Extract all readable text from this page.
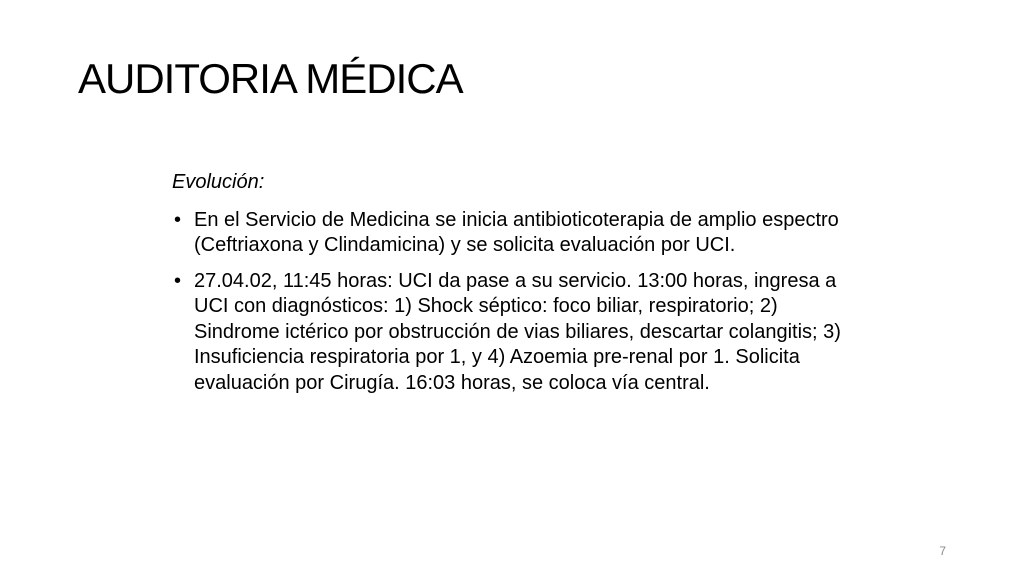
AUDITORIA MÉDICA

Evolución:

• En el Servicio de Medicina se inicia antibioticoterapia de amplio espectro (Ceftriaxona y Clindamicina) y se solicita evaluación por UCI.
• 27.04.02, 11:45 horas: UCI da pase a su servicio. 13:00 horas, ingresa a UCI con diagnósticos: 1) Shock séptico: foco biliar, respiratorio; 2) Sindrome ictérico por obstrucción de vias biliares, descartar colangitis; 3) Insuficiencia respiratoria por 1, y 4) Azoemia pre-renal por 1. Solicita evaluación por Cirugía. 16:03 horas, se coloca vía central.
7
